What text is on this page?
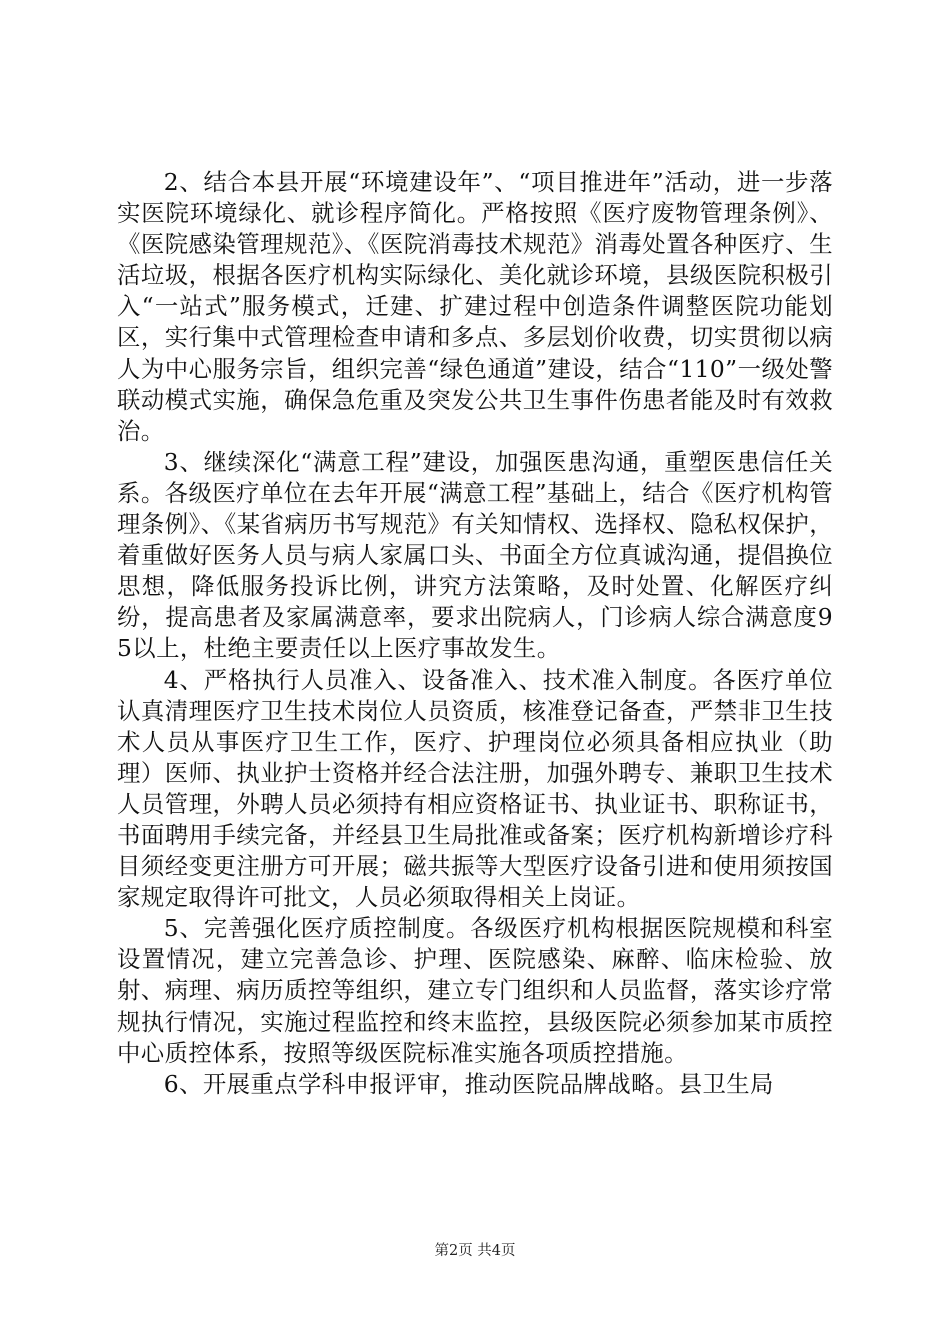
2、结合本县开展“环境建设年”、“项目推进年”活动，进一步落实医院环境绿化、就诊程序简化。严格按照《医疗废物管理条例》、《医院感染管理规范》、《医院消毒技术规范》消毒处置各种医疗、生活垃圾，根据各医疗机构实际绿化、美化就诊环境，县级医院积极引入“一站式”服务模式，迁建、扩建过程中创造条件调整医院功能划区，实行集中式管理检查申请和多点、多层划价收费，切实贯彻以病人为中心服务宗旨，组织完善“绿色通道”建设，结合“110”一级处警联动模式实施，确保急危重及突发公共卫生事件伤患者能及时有效救治。

3、继续深化“满意工程”建设，加强医患沟通，重塑医患信任关系。各级医疗单位在去年开展“满意工程”基础上，结合《医疗机构管理条例》、《某省病历书写规范》有关知情权、选择权、隐私权保护，着重做好医务人员与病人家属口头、书面全方位真诚沟通，提倡换位思想，降低服务投诉比例，讲究方法策略，及时处置、化解医疗纠纷，提高患者及家属满意率，要求出院病人，门诊病人综合满意度95以上，杜绝主要责任以上医疗事故发生。

4、严格执行人员准入、设备准入、技术准入制度。各医疗单位认真清理医疗卫生技术岗位人员资质，核准登记备查，严禁非卫生技术人员从事医疗卫生工作，医疗、护理岗位必须具备相应执业（助理）医师、执业护士资格并经合法注册，加强外聘专、兼职卫生技术人员管理，外聘人员必须持有相应资格证书、执业证书、职称证书，书面聘用手续完备，并经县卫生局批准或备案；医疗机构新增诊疗科目须经变更注册方可开展；磁共振等大型医疗设备引进和使用须按国家规定取得许可批文，人员必须取得相关上岗证。

5、完善强化医疗质控制度。各级医疗机构根据医院规模和科室设置情况，建立完善急诊、护理、医院感染、麻醉、临床检验、放射、病理、病历质控等组织，建立专门组织和人员监督，落实诊疗常规执行情况，实施过程监控和终末监控，县级医院必须参加某市质控中心质控体系，按照等级医院标准实施各项质控措施。

6、开展重点学科申报评审，推动医院品牌战略。县卫生局

第2页 共4页
